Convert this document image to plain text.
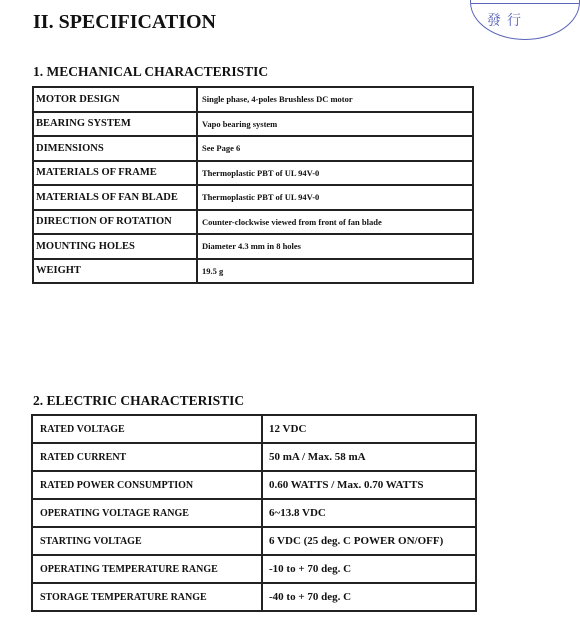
發行
II. SPECIFICATION
1. MECHANICAL CHARACTERISTIC
MOTOR DESIGN	Single phase, 4-poles Brushless DC motor
BEARING SYSTEM	Vapo bearing system
DIMENSIONS	See Page 6
MATERIALS OF FRAME	Thermoplastic PBT of UL 94V-0
MATERIALS OF FAN BLADE	Thermoplastic PBT of UL 94V-0
DIRECTION OF ROTATION	Counter-clockwise viewed from front of fan blade
MOUNTING HOLES	Diameter 4.3 mm in 8 holes
WEIGHT	19.5 g
2. ELECTRIC CHARACTERISTIC
RATED VOLTAGE	12 VDC
RATED CURRENT	50 mA / Max. 58 mA
RATED POWER CONSUMPTION	0.60 WATTS / Max. 0.70 WATTS
OPERATING VOLTAGE RANGE	6~13.8 VDC
STARTING VOLTAGE	6 VDC (25 deg. C POWER ON/OFF)
OPERATING TEMPERATURE RANGE	-10 to + 70 deg. C
STORAGE TEMPERATURE RANGE	-40 to + 70 deg. C
